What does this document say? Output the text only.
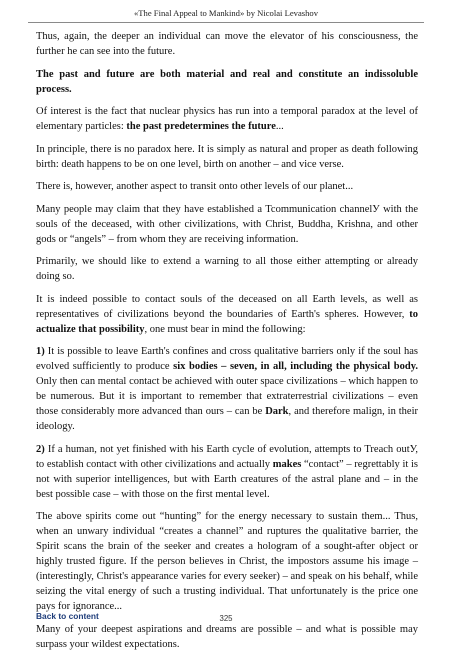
«The Final Appeal to Mankind» by Nicolai Levashov

Thus, again, the deeper an individual can move the elevator of his consciousness, the further he can see into the future.

The past and future are both material and real and constitute an indissoluble process.

Of interest is the fact that nuclear physics has run into a temporal paradox at the level of elementary particles: the past predetermines the future...

In principle, there is no paradox here. It is simply as natural and proper as death following birth: death happens to be on one level, birth on another – and vice verse.

There is, however, another aspect to transit onto other levels of our planet...

Many people may claim that they have established a Tcommunication channelУ with the souls of the deceased, with other civilizations, with Christ, Buddha, Krishna, and other gods or “angels” – from whom they are receiving information.

Primarily, we should like to extend a warning to all those either attempting or already doing so.

It is indeed possible to contact souls of the deceased on all Earth levels, as well as representatives of civilizations beyond the boundaries of Earth's spheres. However, to actualize that possibility, one must bear in mind the following:

1) It is possible to leave Earth's confines and cross qualitative barriers only if the soul has evolved sufficiently to produce six bodies – seven, in all, including the physical body. Only then can mental contact be achieved with outer space civilizations – which happen to be numerous. But it is important to remember that extraterrestrial civilizations – even those considerably more advanced than ours – can be Dark, and therefore malign, in their ideology.

2) If a human, not yet finished with his Earth cycle of evolution, attempts to Treach outУ, to establish contact with other civilizations and actually makes “contact” – regrettably it is not with superior intelligences, but with Earth creatures of the astral plane and – in the best possible case – with those on the first mental level.

The above spirits come out “hunting” for the energy necessary to sustain them... Thus, when an unwary individual “creates a channel” and ruptures the qualitative barrier, the Spirit scans the brain of the seeker and creates a hologram of a sought-after object or highly trusted figure. If the person believes in Christ, the impostors assume his image – (interestingly, Christ's appearance varies for every seeker) – and speak on his behalf, while seizing the vital energy of such a trusting individual. That unfortunately is the price one pays for ignorance...

Many of your deepest aspirations and dreams are possible – and what is possible may surpass your wildest expectations.

Back to content	325
